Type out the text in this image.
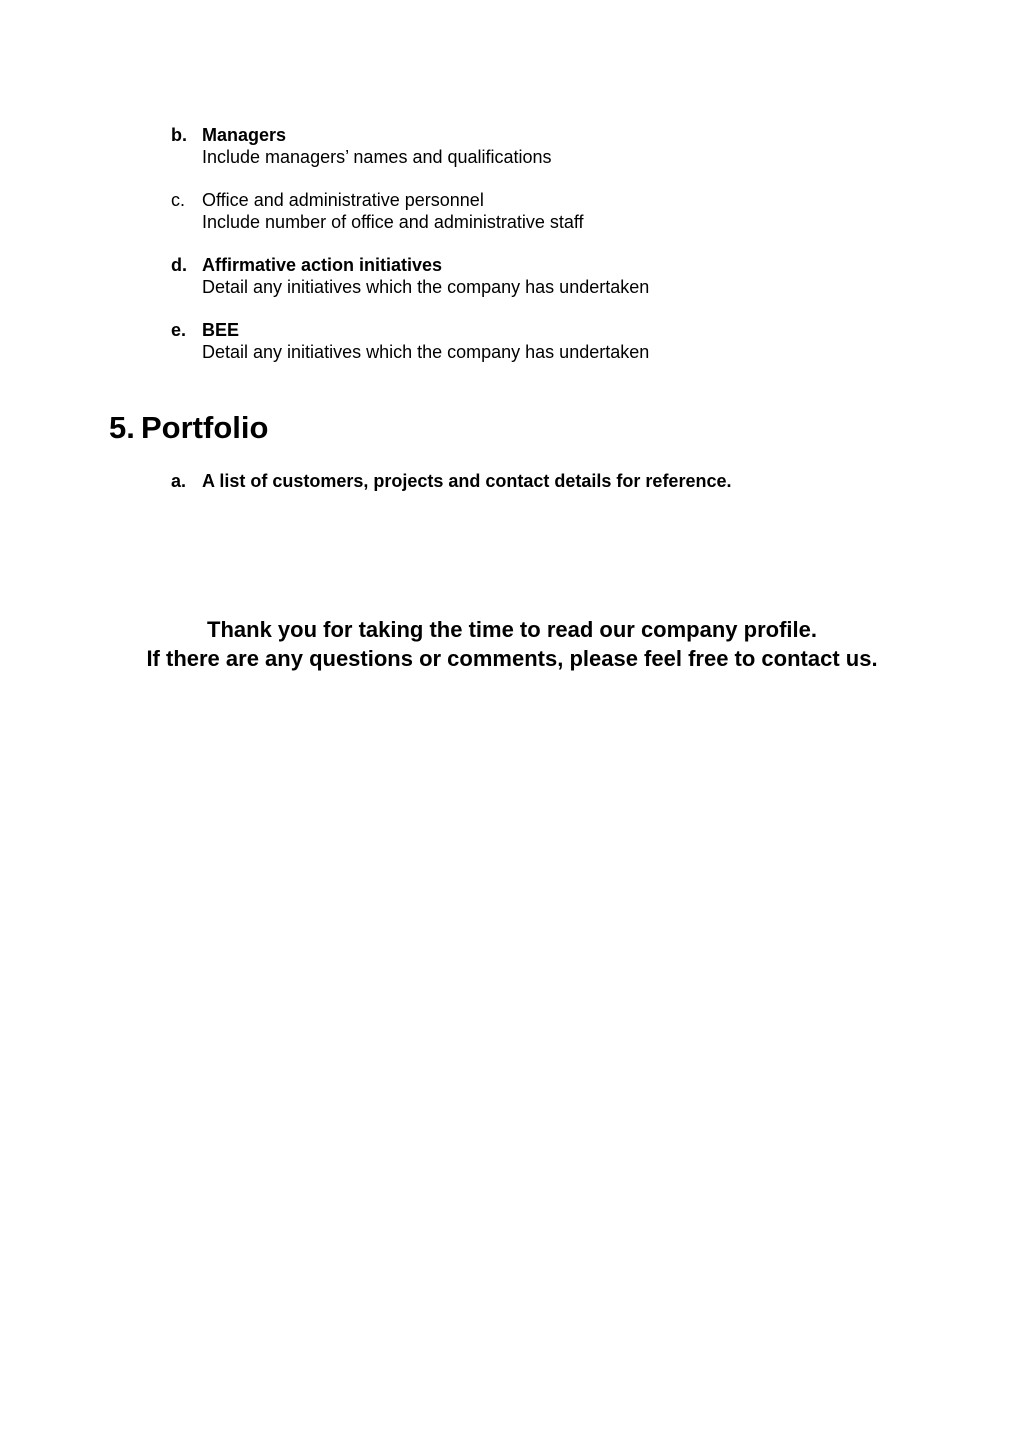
b. Managers
Include managers’ names and qualifications
c. Office and administrative personnel
Include number of office and administrative staff
d. Affirmative action initiatives
Detail any initiatives which the company has undertaken
e. BEE
Detail any initiatives which the company has undertaken
5. Portfolio
a. A list of customers, projects and contact details for reference.
Thank you for taking the time to read our company profile.
If there are any questions or comments, please feel free to contact us.
